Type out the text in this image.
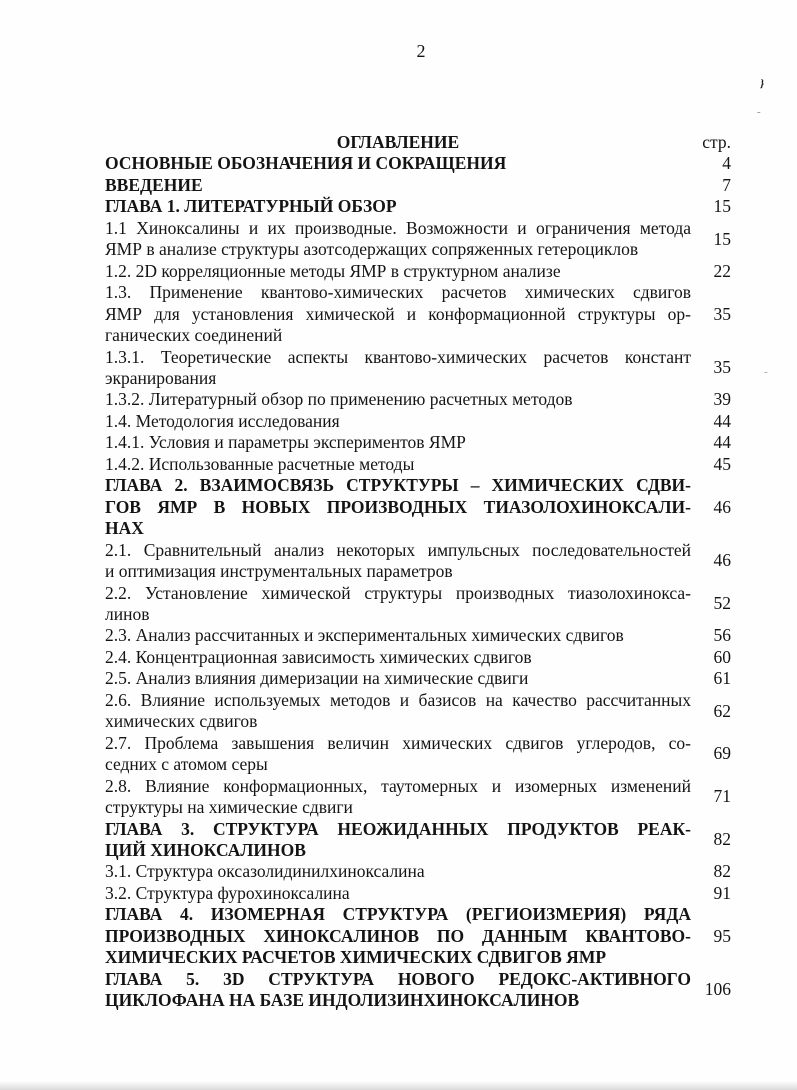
2
}
-
-
ОГЛАВЛЕНИЕ	стр.
ОСНОВНЫЕ ОБОЗНАЧЕНИЯ И СОКРАЩЕНИЯ	4
ВВЕДЕНИЕ	7
ГЛАВА 1. ЛИТЕРАТУРНЫЙ ОБЗОР	15
1.1 Хиноксалины и их производные. Возможности и ограничения метода
ЯМР в анализе структуры азотсодержащих сопряженных гетероциклов
15
1.2. 2D корреляционные методы ЯМР в структурном анализе	22
1.3. Применение квантово-химических расчетов химических сдвигов
ЯМР для установления химической и конформационной структуры ор-
ганических соединений
35
1.3.1. Теоретические аспекты квантово-химических расчетов констант
экранирования
35
1.3.2. Литературный обзор по применению расчетных методов	39
1.4. Методология исследования	44
1.4.1. Условия и параметры экспериментов ЯМР	44
1.4.2. Использованные расчетные методы	45
ГЛАВА 2. ВЗАИМОСВЯЗЬ СТРУКТУРЫ – ХИМИЧЕСКИХ СДВИ-
ГОВ ЯМР В НОВЫХ ПРОИЗВОДНЫХ ТИАЗОЛОХИНОКСАЛИ-
НАХ
46
2.1. Сравнительный анализ некоторых импульсных последовательностей
и оптимизация инструментальных параметров
46
2.2. Установление химической структуры производных тиазолохинокса-
линов
52
2.3. Анализ рассчитанных и экспериментальных химических сдвигов	56
2.4. Концентрационная зависимость химических сдвигов	60
2.5. Анализ влияния димеризации на химические сдвиги	61
2.6. Влияние используемых методов и базисов на качество рассчитанных
химических сдвигов
62
2.7. Проблема завышения величин химических сдвигов углеродов, со-
седних с атомом серы
69
2.8. Влияние конформационных, таутомерных и изомерных изменений
структуры на химические сдвиги
71
ГЛАВА 3. СТРУКТУРА НЕОЖИДАННЫХ ПРОДУКТОВ РЕАК-
ЦИЙ ХИНОКСАЛИНОВ
82
3.1. Структура оксазолидинилхиноксалина	82
3.2. Структура фурохиноксалина	91
ГЛАВА 4. ИЗОМЕРНАЯ СТРУКТУРА (РЕГИОИЗМЕРИЯ) РЯДА
ПРОИЗВОДНЫХ ХИНОКСАЛИНОВ ПО ДАННЫМ КВАНТОВО-
ХИМИЧЕСКИХ РАСЧЕТОВ ХИМИЧЕСКИХ СДВИГОВ ЯМР
95
ГЛАВА 5. 3D СТРУКТУРА НОВОГО РЕДОКС-АКТИВНОГО
ЦИКЛОФАНА НА БАЗЕ ИНДОЛИЗИНХИНОКСАЛИНОВ
106
